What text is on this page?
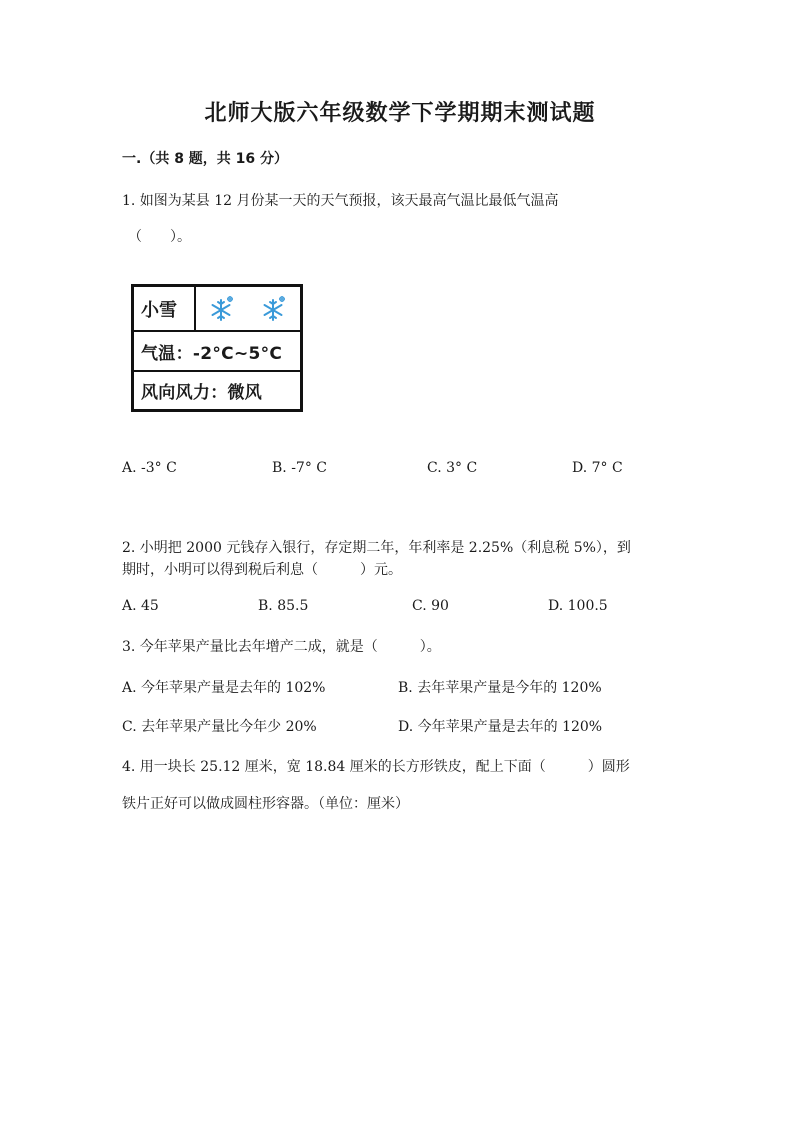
北师大版六年级数学下学期期末测试题
一.（共 8 题，共 16 分）
1. 如图为某县 12 月份某一天的天气预报，该天最高气温比最低气温高
（　　）。
小雪
气温：-2°C~5°C
风向风力：微风
A. -3° C	B. -7° C	C. 3° C	D. 7° C
2. 小明把 2000 元钱存入银行，存定期二年，年利率是 2.25%（利息税 5%），到
期时，小明可以得到税后利息（　　　）元。
A. 45	B. 85.5	C. 90	D. 100.5
3. 今年苹果产量比去年增产二成，就是（　　　）。
A. 今年苹果产量是去年的 102%	B. 去年苹果产量是今年的 120%
C. 去年苹果产量比今年少 20%	D. 今年苹果产量是去年的 120%
4. 用一块长 25.12 厘米，宽 18.84 厘米的长方形铁皮，配上下面（　　　）圆形
铁片正好可以做成圆柱形容器。（单位：厘米）
